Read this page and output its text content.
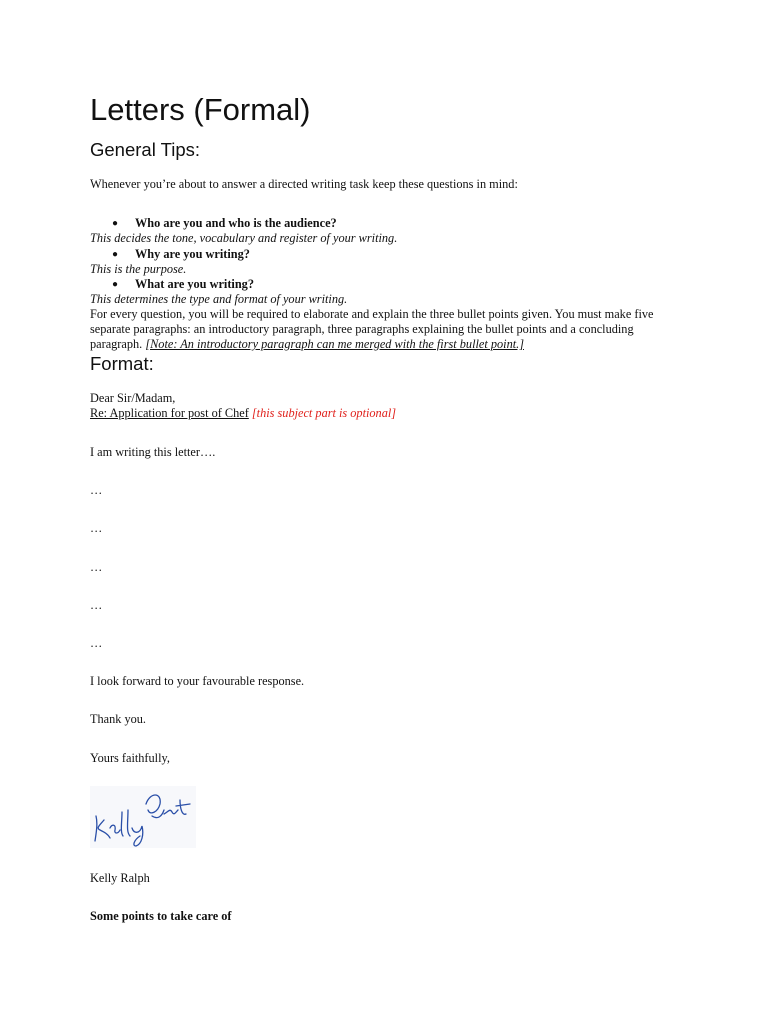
Letters (Formal)
General Tips:
Whenever you’re about to answer a directed writing task keep these questions in mind:
● Who are you and who is the audience?
This decides the tone, vocabulary and register of your writing.
● Why are you writing?
This is the purpose.
● What are you writing?
This determines the type and format of your writing.
For every question, you will be required to elaborate and explain the three bullet points given. You must make five
separate paragraphs: an introductory paragraph, three paragraphs explaining the bullet points and a concluding
paragraph. [Note: An introductory paragraph can me merged with the first bullet point.]
Format:
Dear Sir/Madam,
Re: Application for post of Chef [this subject part is optional]
I am writing this letter….
…
…
…
…
…
I look forward to your favourable response.
Thank you.
Yours faithfully,
Kelly Ralph
Some points to take care of
